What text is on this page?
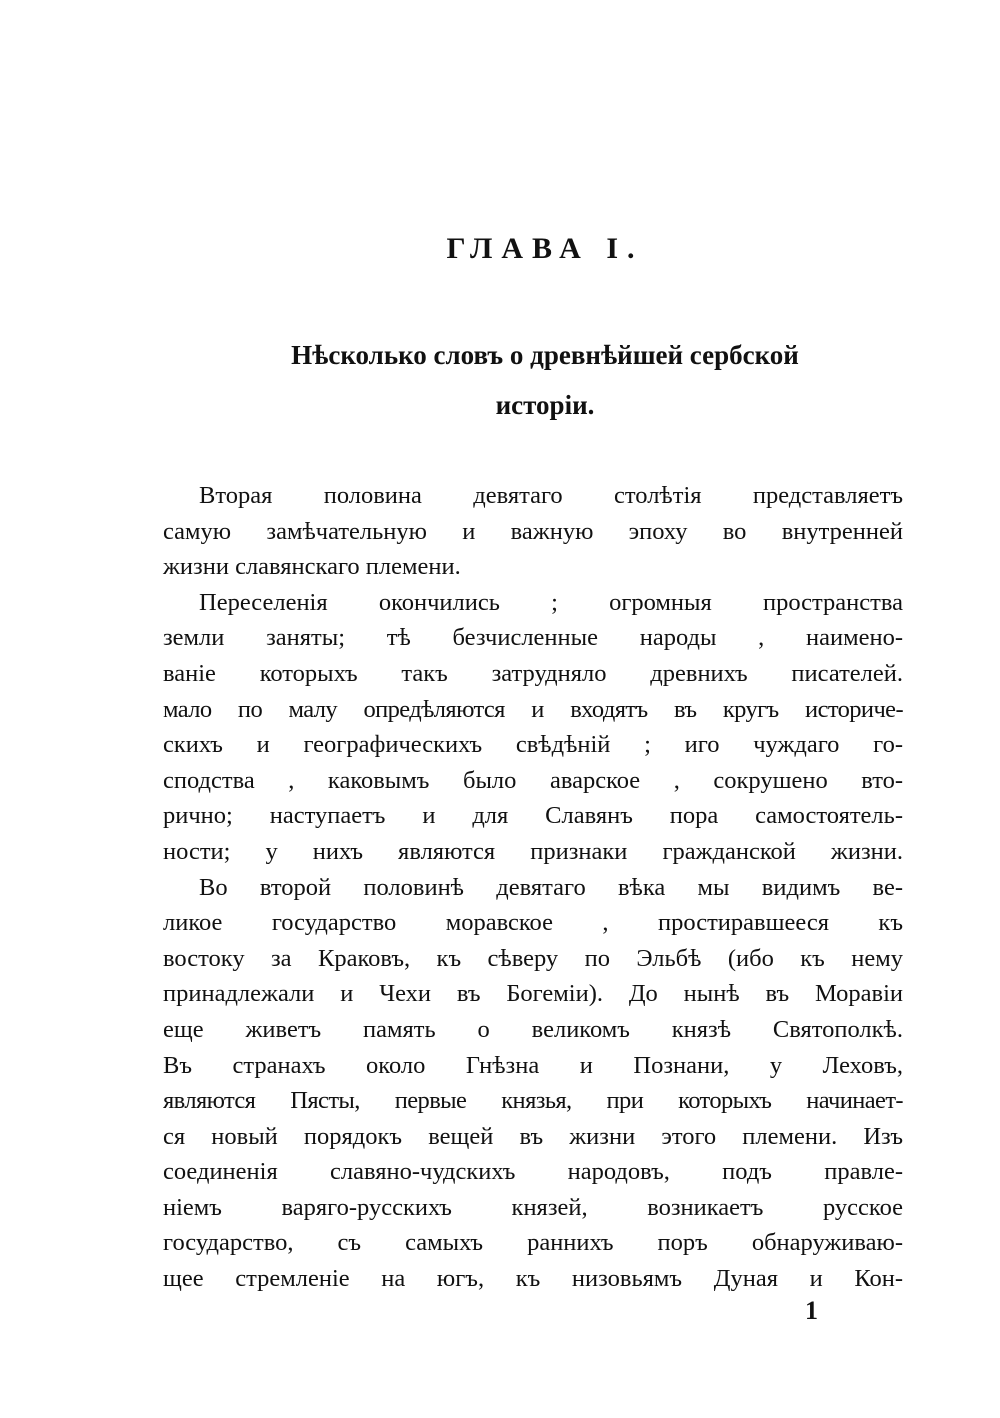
ГЛАВА I.
Нѣсколько словъ о древнѣйшей сербской
исторіи.
Вторая половина девятаго столѣтія представляетъ
самую замѣчательную и важную эпоху во внутренней
жизни славянскаго племени.
Переселенія окончились ; огромныя пространства
земли заняты; тѣ безчисленные народы , наимено-
ваніе которыхъ такъ затрудняло древнихъ писателей.
мало по малу опредѣляются и входятъ въ кругъ историче-
скихъ и географическихъ свѣдѣній ; иго чуждаго го-
сподства , каковымъ было аварское , сокрушено вто-
рично; наступаетъ и для Славянъ пора самостоятель-
ности; у нихъ являются признаки гражданской жизни.
Во второй половинѣ девятаго вѣка мы видимъ ве-
ликое государство моравское , простиравшееся къ
востоку за Краковъ, къ сѣверу по Эльбѣ (ибо къ нему
принадлежали и Чехи въ Богеміи). До нынѣ въ Моравіи
еще живетъ память о великомъ князѣ Святополкѣ.
Въ странахъ около Гнѣзна и Познани, у Леховъ,
являются Пясты, первые князья, при которыхъ начинает-
ся новый порядокъ вещей въ жизни этого племени. Изъ
соединенія славяно-чудскихъ народовъ, подъ правле-
ніемъ варяго-русскихъ князей, возникаетъ русское
государство, съ самыхъ раннихъ поръ обнаруживаю-
щее стремленіе на югъ, къ низовьямъ Дуная и Кон-
1
